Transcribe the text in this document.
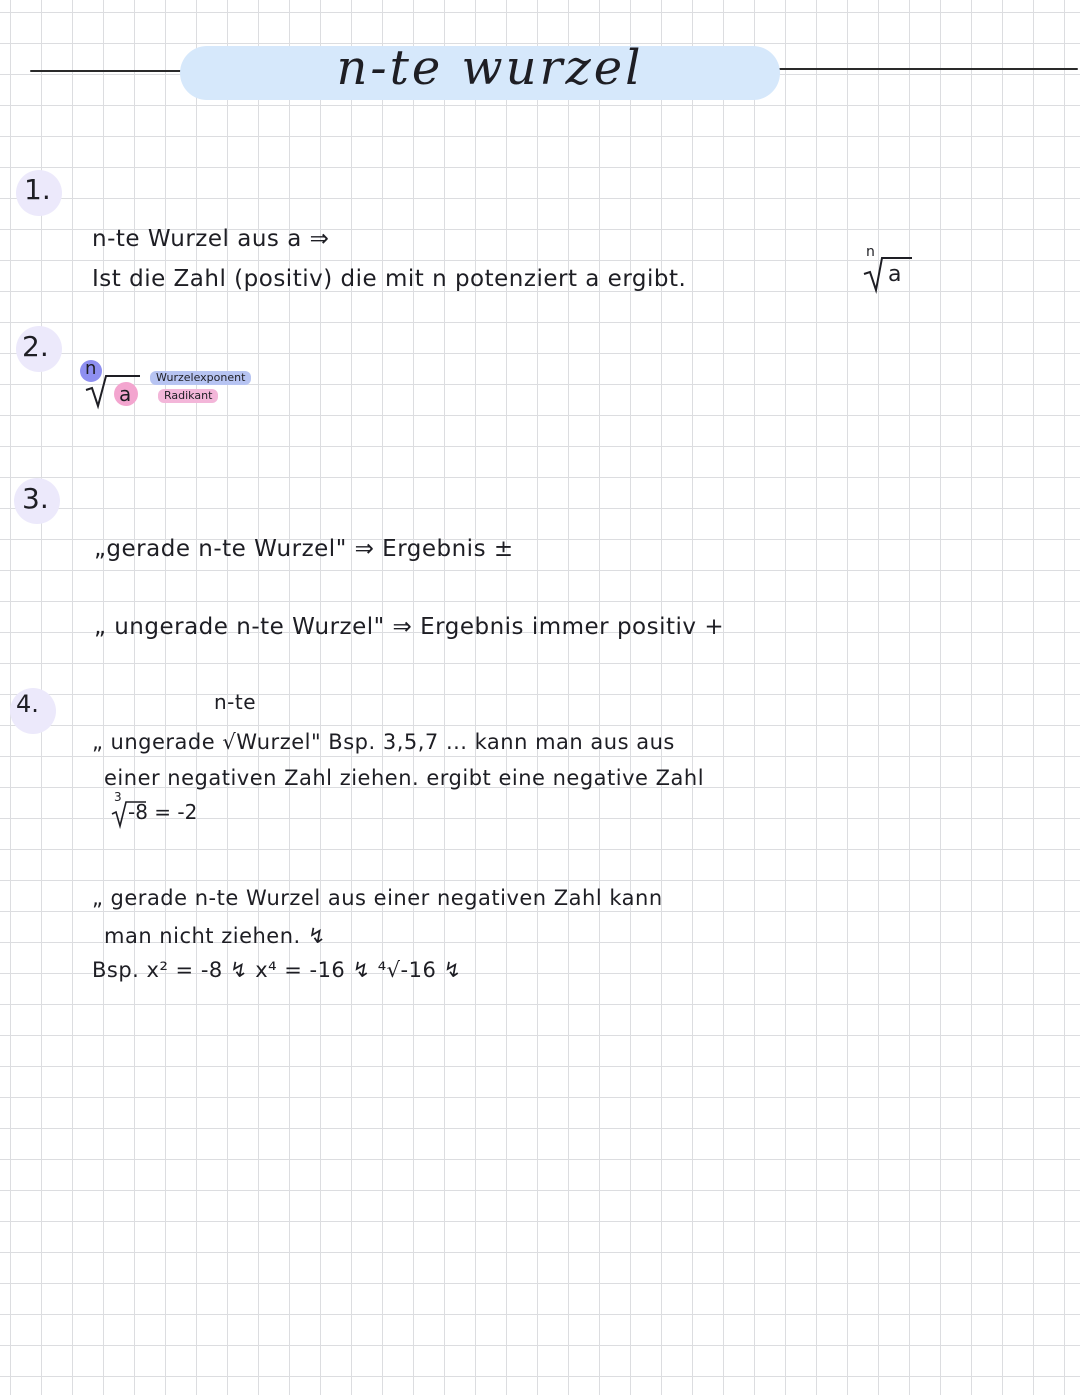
n-te wurzel
1.
2.
3.
4.
n-te Wurzel aus a ⇒
Ist die Zahl (positiv) die mit n potenziert a ergibt.
n
a
n
a
Wurzelexponent
Radikant
„gerade n-te Wurzel" ⇒ Ergebnis ±
„ ungerade n-te Wurzel" ⇒ Ergebnis immer positiv +
n-te
„ ungerade √Wurzel" Bsp. 3,5,7 ... kann man aus aus
einer negativen Zahl ziehen. ergibt eine negative Zahl
3
-8 = -2
„ gerade n-te Wurzel aus einer negativen Zahl kann
man nicht ziehen. ↯
Bsp. x² = -8 ↯ x⁴ = -16 ↯ ⁴√-16 ↯
